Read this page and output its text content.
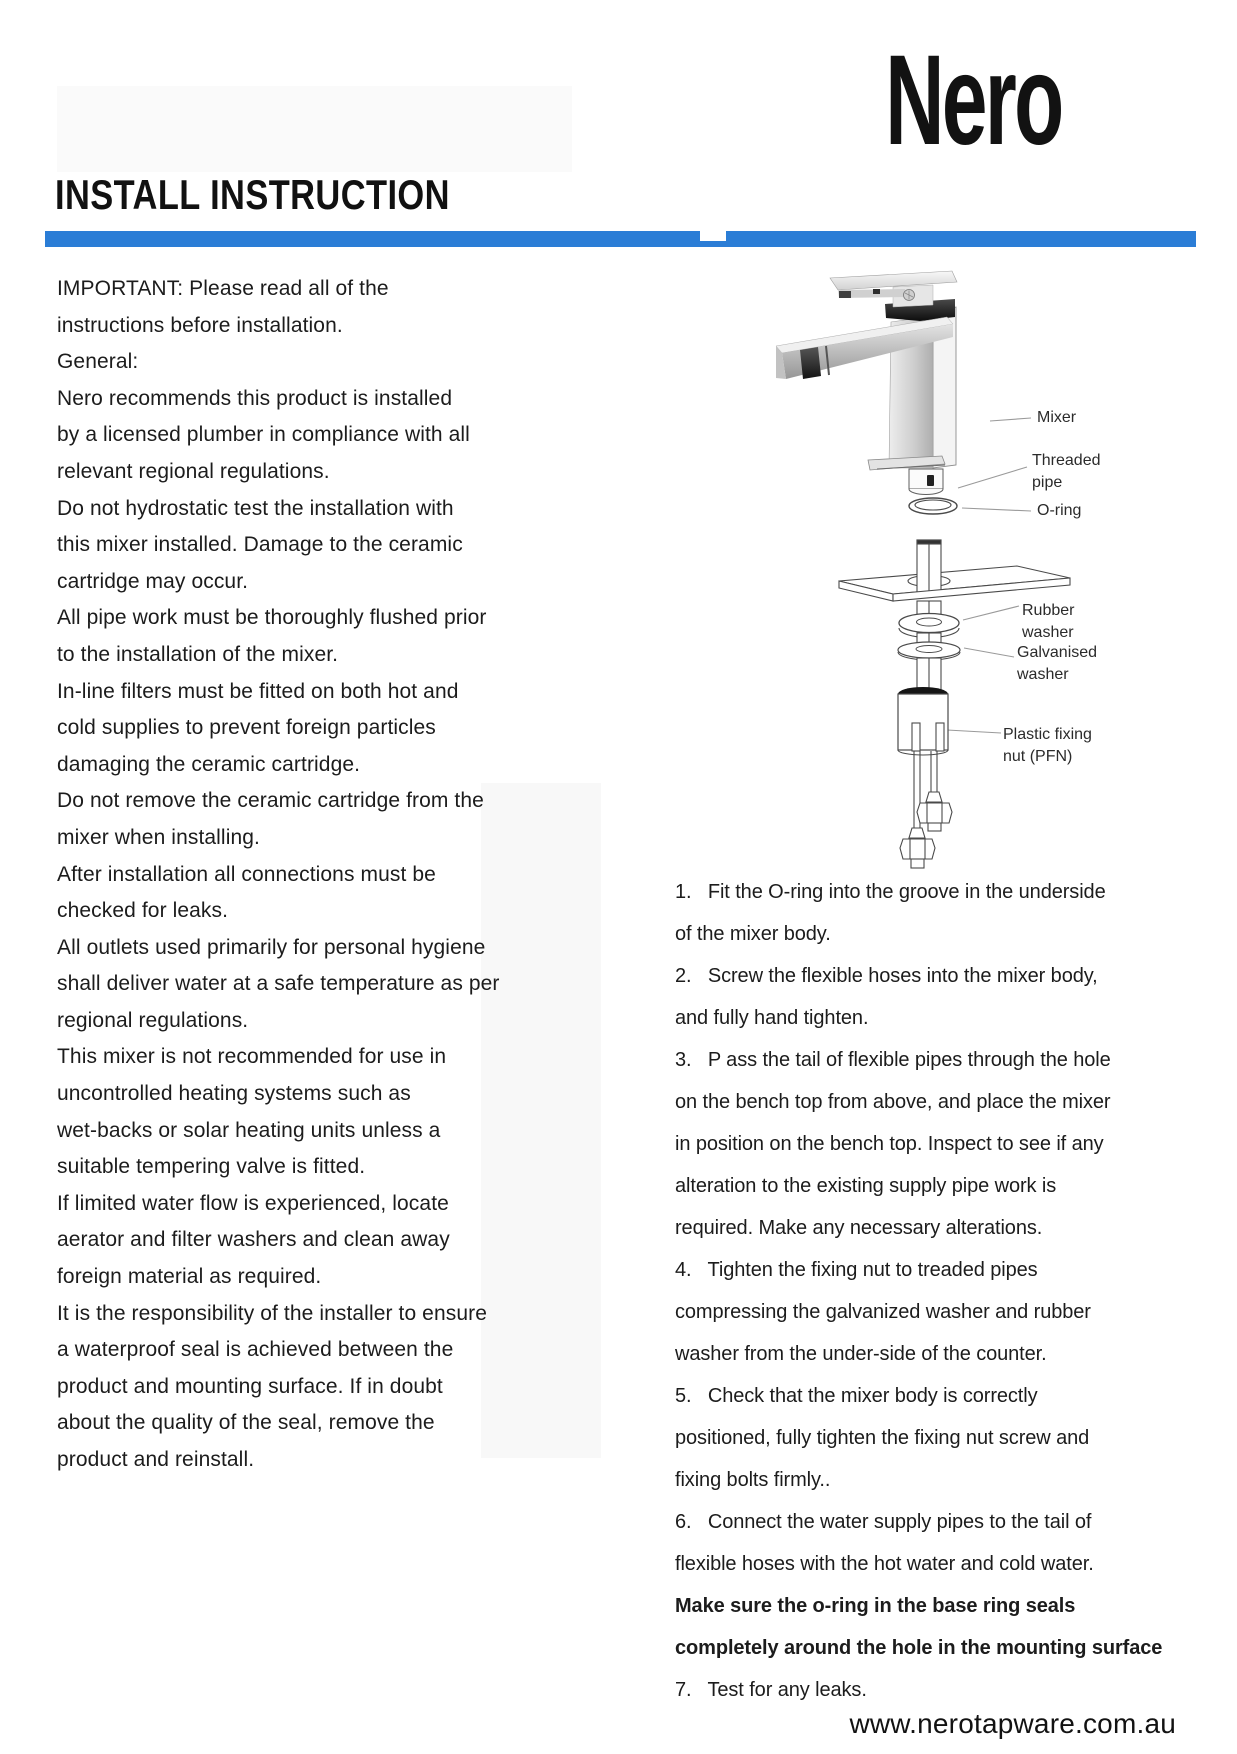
Nero
INSTALL INSTRUCTION
IMPORTANT: Please read all of the
instructions before installation.
General:
Nero recommends this product is installed
by a licensed plumber in compliance with all
relevant regional regulations.
Do not hydrostatic test the installation with
this mixer installed. Damage to the ceramic
cartridge may occur.
All pipe work must be thoroughly flushed prior
to the installation of the mixer.
In-line filters must be fitted on both hot and
cold supplies to prevent foreign particles
damaging the ceramic cartridge.
Do not remove the ceramic cartridge from the
mixer when installing.
After installation all connections must be
checked for leaks.
All outlets used primarily for personal hygiene
shall deliver water at a safe temperature as per
regional regulations.
This mixer is not recommended for use in
uncontrolled heating systems such as
wet-backs or solar heating units unless a
suitable tempering valve is fitted.
If limited water flow is experienced, locate
aerator and filter washers and clean away
foreign material as required.
It is the responsibility of the installer to ensure
a waterproof seal is achieved between the
product and mounting surface. If in doubt
about the quality of the seal, remove the
product and reinstall.
1.   Fit the O-ring into the groove in the underside
of the mixer body.
2.   Screw the flexible hoses into the mixer body,
and fully hand tighten.
3.   P ass the tail of flexible pipes through the hole
on the bench top from above, and place the mixer
in position on the bench top. Inspect to see if any
alteration to the existing supply pipe work is
required. Make any necessary alterations.
4.   Tighten the fixing nut to treaded pipes
compressing the galvanized washer and rubber
washer from the under-side of the counter.
5.   Check that the mixer body is correctly
positioned, fully tighten the fixing nut screw and
fixing bolts firmly..
6.   Connect the water supply pipes to the tail of
flexible hoses with the hot water and cold water.
Make sure the o-ring in the base ring seals
completely around the hole in the mounting surface
7.   Test for any leaks.
www.nerotapware.com.au
Mixer
Threaded
pipe
O-ring
Rubber
washer
Galvanised
washer
Plastic fixing
nut (PFN)
